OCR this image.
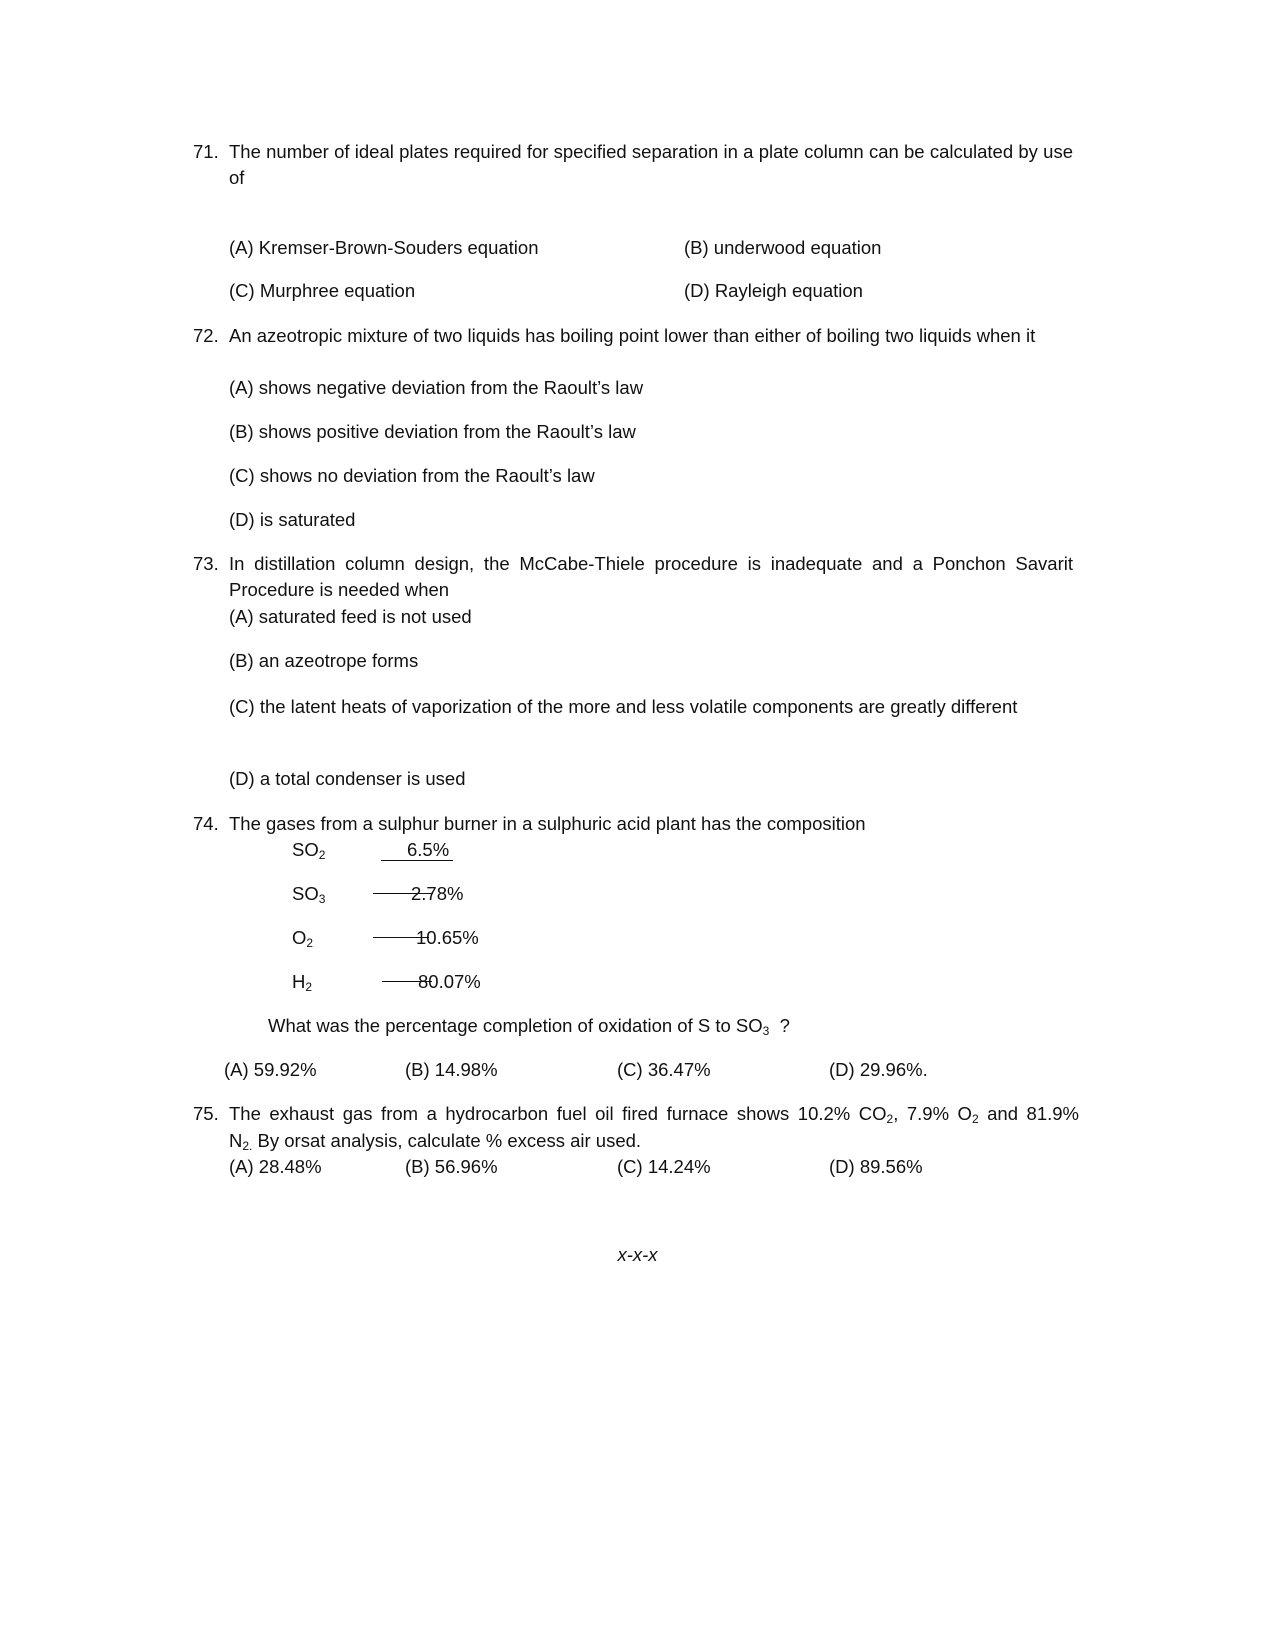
71. The number of ideal plates required for specified separation in a plate column can be calculated by use of
(A) Kremser-Brown-Souders equation	(B) underwood equation
(C) Murphree equation	(D) Rayleigh equation
72. An azeotropic mixture of two liquids has boiling point lower than either of boiling two liquids when it
(A) shows negative deviation from the Raoult’s law
(B) shows positive deviation from the Raoult’s law
(C) shows no deviation from the Raoult’s law
(D) is saturated
73. In distillation column design, the McCabe-Thiele procedure is inadequate and a Ponchon Savarit Procedure is needed when
(A) saturated feed is not used
(B) an azeotrope forms
(C) the latent heats of vaporization of the more and less volatile components are greatly different
(D) a total condenser is used
74. The gases from a sulphur burner in a sulphuric acid plant has the composition
$SO_2$	6.5%
$SO_3$	2.78%
$O_2$	10.65%
$H_2$	80.07%
What was the percentage completion of oxidation of S to $SO_3$ ?
(A) 59.92%	(B) 14.98%	(C) 36.47%	(D) 29.96%.
75. The exhaust gas from a hydrocarbon fuel oil fired furnace shows 10.2% $CO_2$, 7.9% $O_2$ and 81.9%
$N_{2.}$ By orsat analysis, calculate % excess air used.
(A) 28.48%	(B) 56.96%	(C) 14.24%	(D) 89.56%
x-x-x
